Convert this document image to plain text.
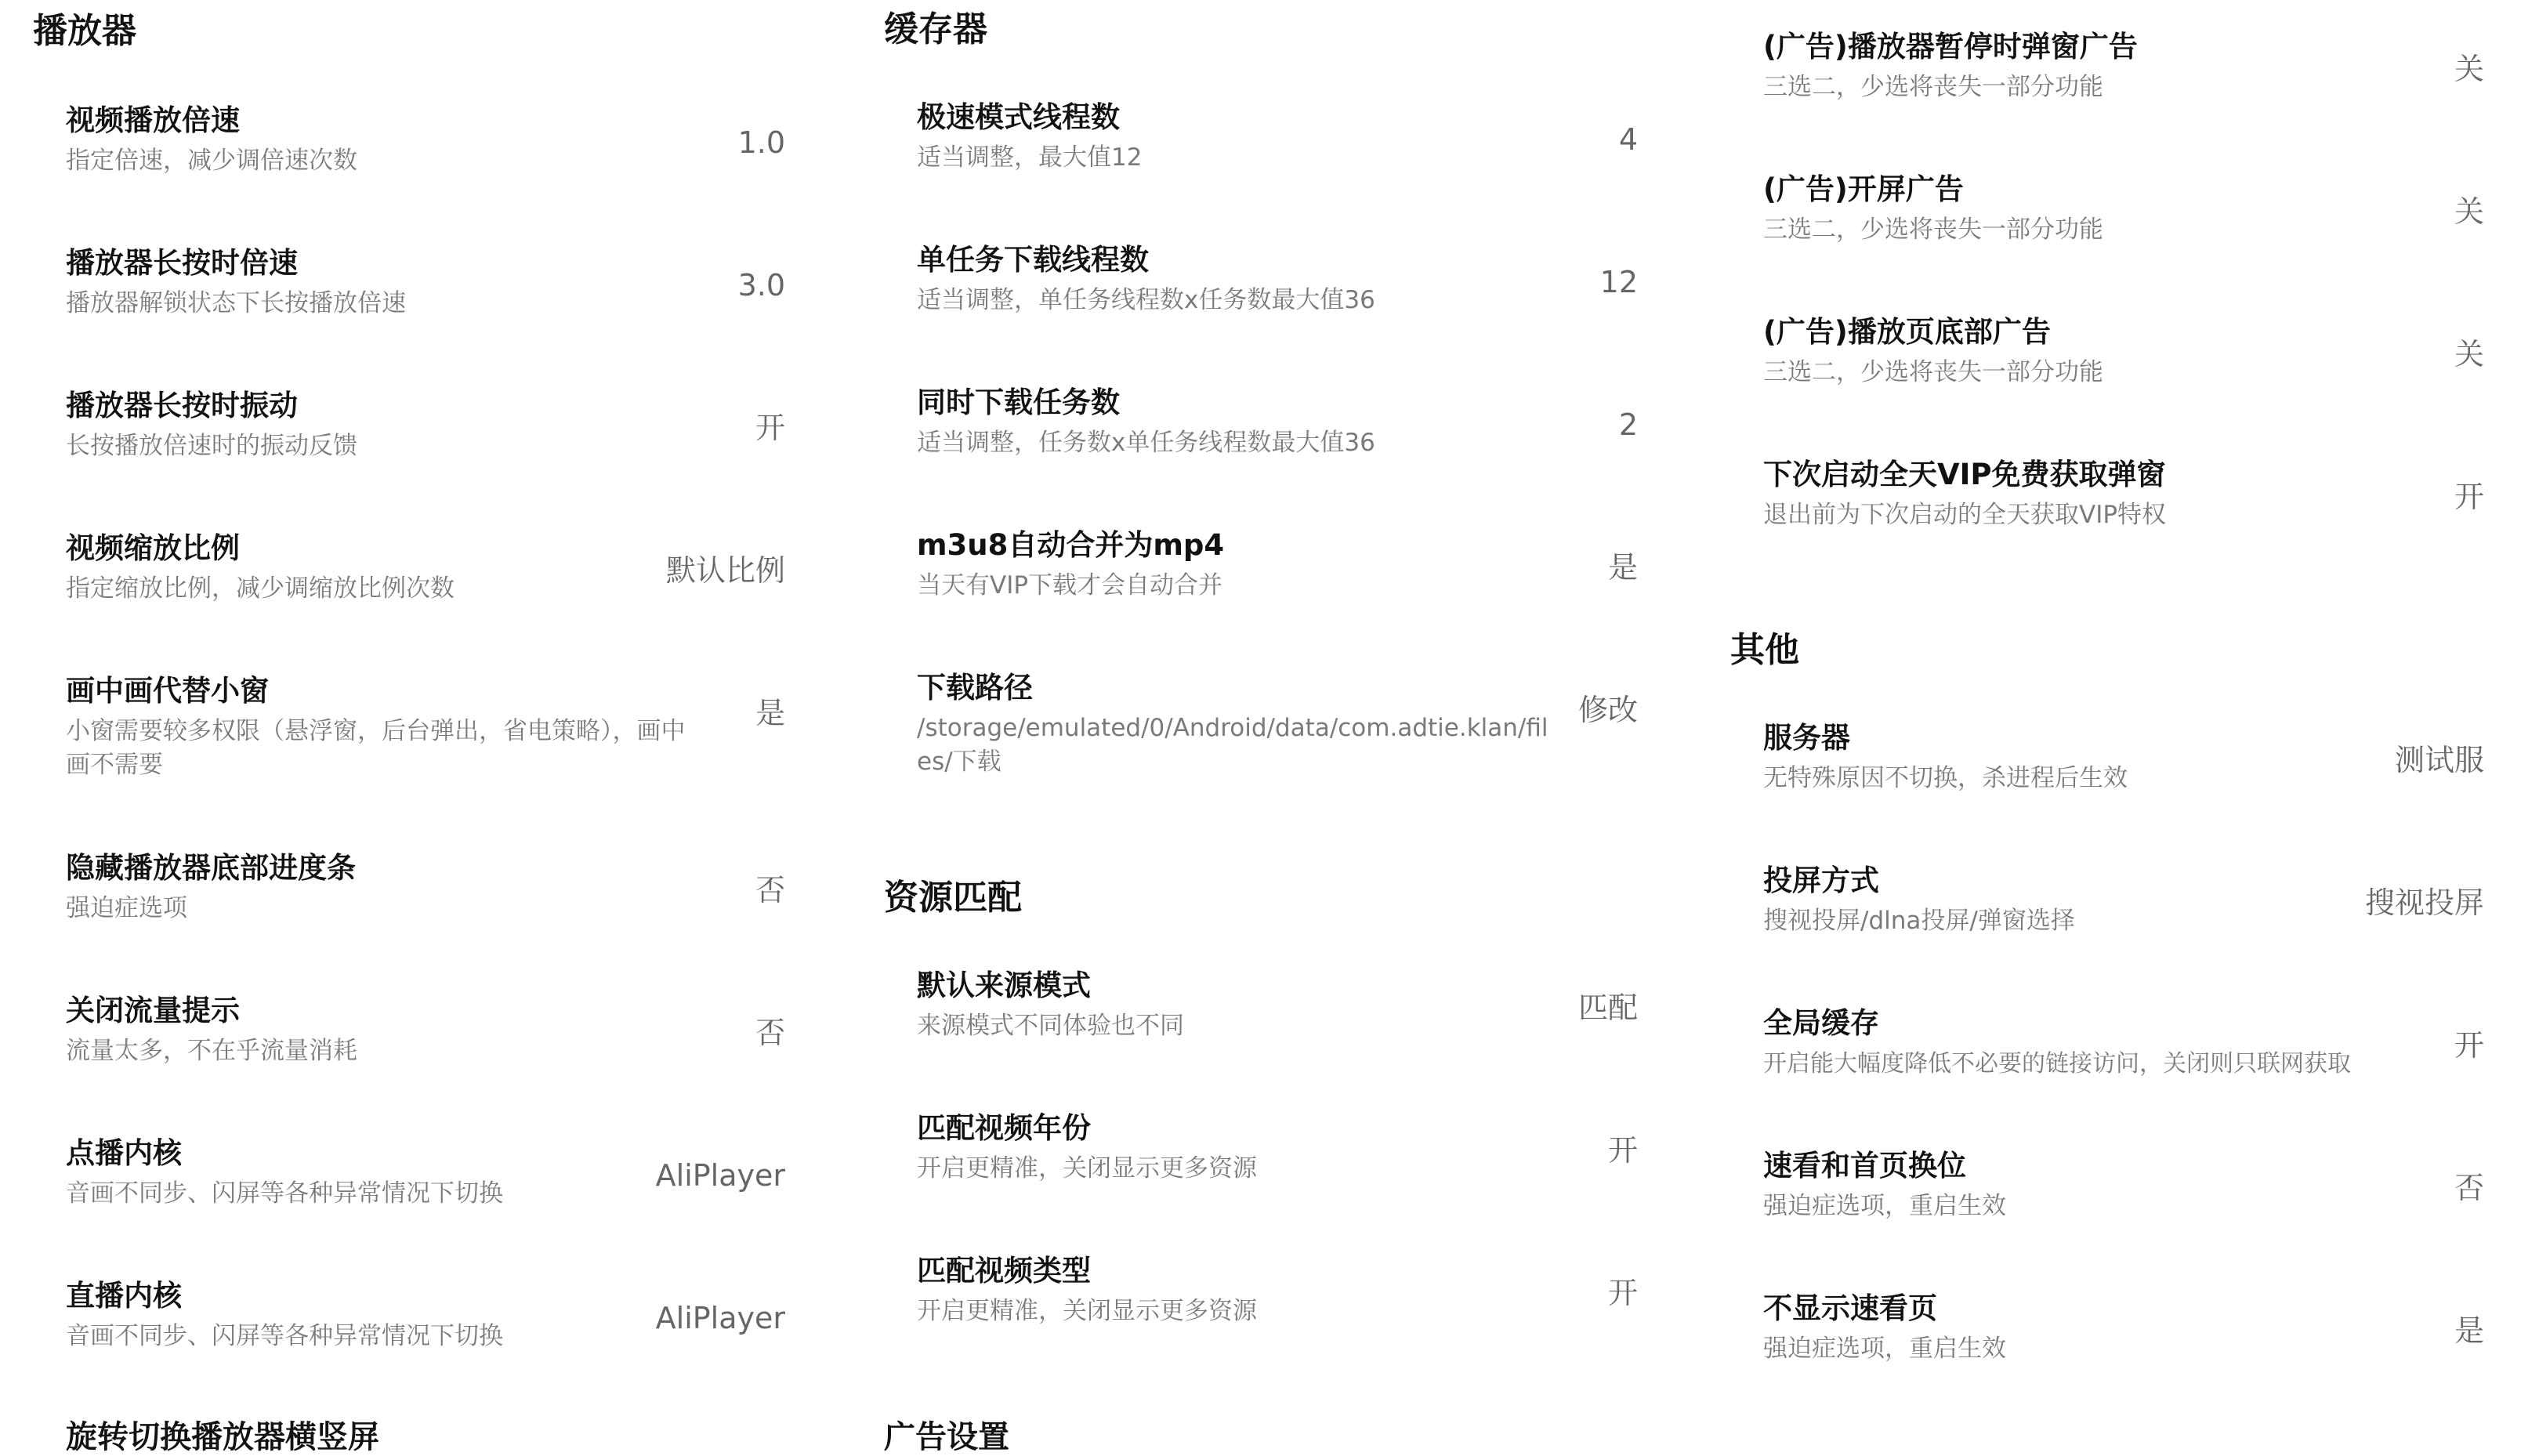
播放器
视频播放倍速
指定倍速，减少调倍速次数
1.0
播放器长按时倍速
播放器解锁状态下长按播放倍速
3.0
播放器长按时振动
长按播放倍速时的振动反馈
开
视频缩放比例
指定缩放比例，减少调缩放比例次数
默认比例
画中画代替小窗
小窗需要较多权限（悬浮窗，后台弹出，省电策略），画中画不需要
是
隐藏播放器底部进度条
强迫症选项
否
关闭流量提示
流量太多，不在乎流量消耗
否
点播内核
音画不同步、闪屏等各种异常情况下切换
AliPlayer
直播内核
音画不同步、闪屏等各种异常情况下切换
AliPlayer
旋转切换播放器横竖屏
缓存器
极速模式线程数
适当调整，最大值12
4
单任务下载线程数
适当调整，单任务线程数x任务数最大值36
12
同时下载任务数
适当调整，任务数x单任务线程数最大值36
2
m3u8自动合并为mp4
当天有VIP下载才会自动合并
是
下载路径
/storage/emulated/0/Android/data/com.adtie.klan/files/下载
修改
资源匹配
默认来源模式
来源模式不同体验也不同
匹配
匹配视频年份
开启更精准，关闭显示更多资源
开
匹配视频类型
开启更精准，关闭显示更多资源
开
广告设置
(广告)播放器暂停时弹窗广告
三选二，少选将丧失一部分功能
关
(广告)开屏广告
三选二，少选将丧失一部分功能
关
(广告)播放页底部广告
三选二，少选将丧失一部分功能
关
下次启动全天VIP免费获取弹窗
退出前为下次启动的全天获取VIP特权
开
其他
服务器
无特殊原因不切换，杀进程后生效
测试服
投屏方式
搜视投屏/dlna投屏/弹窗选择
搜视投屏
全局缓存
开启能大幅度降低不必要的链接访问，关闭则只联网获取
开
速看和首页换位
强迫症选项，重启生效
否
不显示速看页
强迫症选项，重启生效
是
